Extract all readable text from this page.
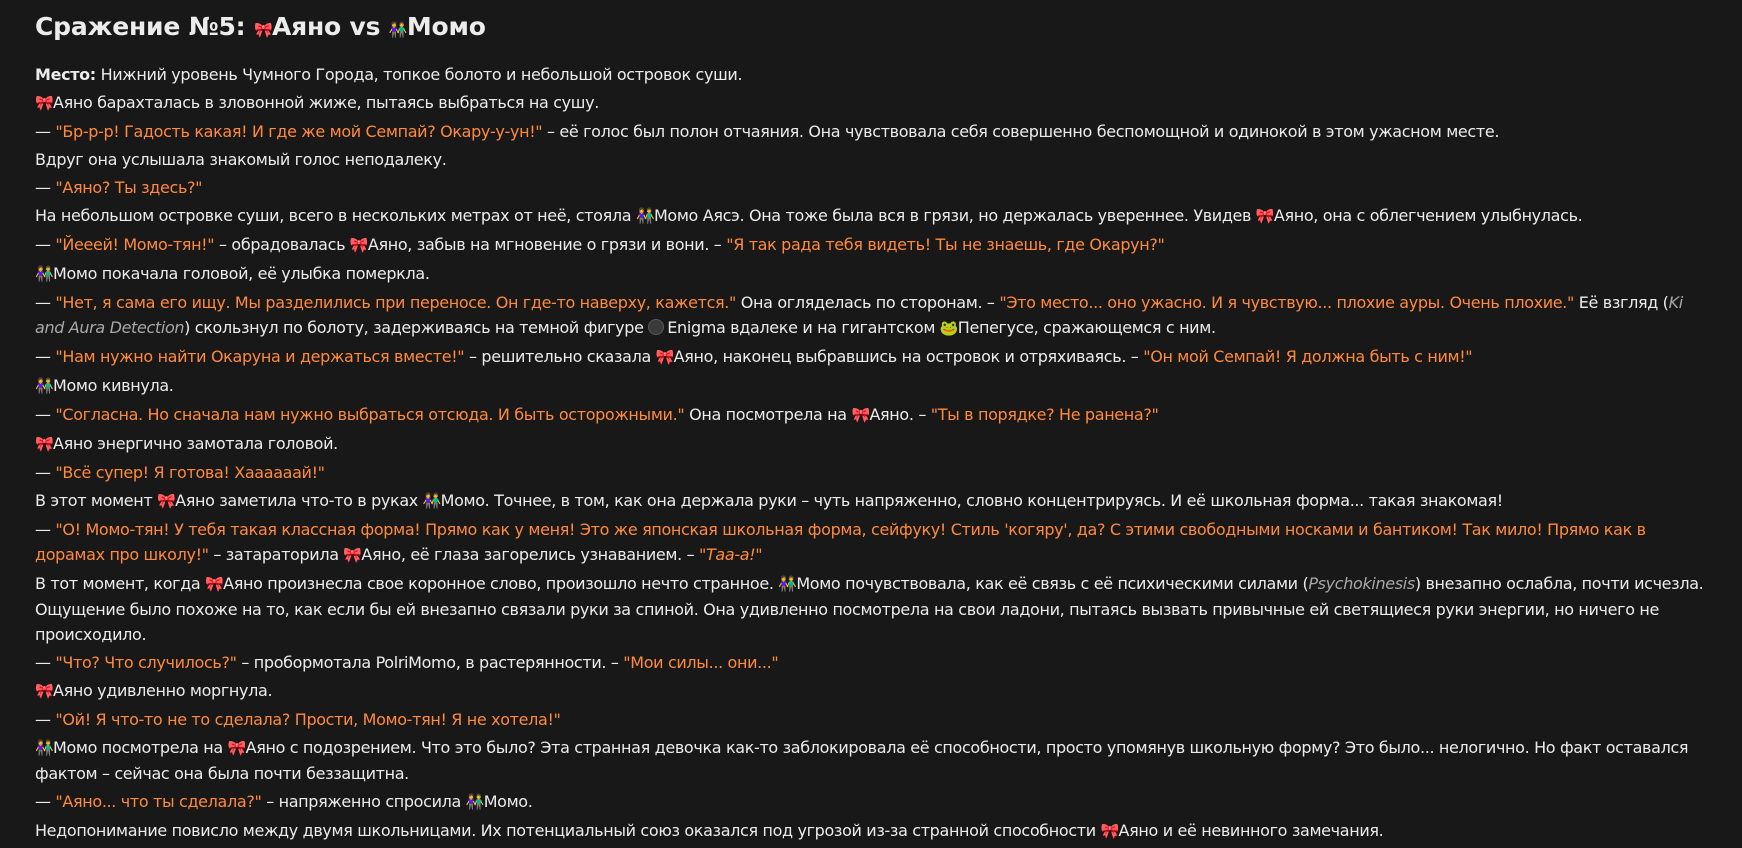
Сражение №5: 🎀Аяно vs 👫Момо

Место: Нижний уровень Чумного Города, топкое болото и небольшой островок суши.

🎀Аяно барахталась в зловонной жиже, пытаясь выбраться на сушу.

— "Бр-р-р! Гадость какая! И где же мой Семпай? Окару-у-ун!" – её голос был полон отчаяния. Она чувствовала себя совершенно беспомощной и одинокой в этом ужасном месте.

Вдруг она услышала знакомый голос неподалеку.

— "Аяно? Ты здесь?"

На небольшом островке суши, всего в нескольких метрах от неё, стояла 👫Момо Аясэ. Она тоже была вся в грязи, но держалась увереннее. Увидев 🎀Аяно, она с облегчением улыбнулась.

— "Йееей! Момо-тян!" – обрадовалась 🎀Аяно, забыв на мгновение о грязи и вони. – "Я так рада тебя видеть! Ты не знаешь, где Окарун?"

👫Момо покачала головой, её улыбка померкла.

— "Нет, я сама его ищу. Мы разделились при переносе. Он где-то наверху, кажется." Она огляделась по сторонам. – "Это место... оно ужасно. И я чувствую... плохие ауры. Очень плохие." Её взгляд (Ki and Aura Detection) скользнул по болоту, задерживаясь на темной фигуре Enigma вдалеке и на гигантском 🐸Пепегусе, сражающемся с ним.

— "Нам нужно найти Окаруна и держаться вместе!" – решительно сказала 🎀Аяно, наконец выбравшись на островок и отряхиваясь. – "Он мой Семпай! Я должна быть с ним!"

👫Момо кивнула.

— "Согласна. Но сначала нам нужно выбраться отсюда. И быть осторожными." Она посмотрела на 🎀Аяно. – "Ты в порядке? Не ранена?"

🎀Аяно энергично замотала головой.

— "Всё супер! Я готова! Хаааааай!"

В этот момент 🎀Аяно заметила что-то в руках 👫Момо. Точнее, в том, как она держала руки – чуть напряженно, словно концентрируясь. И её школьная форма... такая знакомая!

— "О! Момо-тян! У тебя такая классная форма! Прямо как у меня! Это же японская школьная форма, сейфуку! Стиль 'когяру', да? С этими свободными носками и бантиком! Так мило! Прямо как в дорамах про школу!" – затараторила 🎀Аяно, её глаза загорелись узнаванием. – "Таа-а!"

В тот момент, когда 🎀Аяно произнесла свое коронное слово, произошло нечто странное. 👫Момо почувствовала, как её связь с её психическими силами (Psychokinesis) внезапно ослабла, почти исчезла. Ощущение было похоже на то, как если бы ей внезапно связали руки за спиной. Она удивленно посмотрела на свои ладони, пытаясь вызвать привычные ей светящиеся руки энергии, но ничего не происходило.

— "Что? Что случилось?" – пробормотала PolriMomo, в растерянности. – "Мои силы... они..."

🎀Аяно удивленно моргнула.

— "Ой! Я что-то не то сделала? Прости, Момо-тян! Я не хотела!"

👫Момо посмотрела на 🎀Аяно с подозрением. Что это было? Эта странная девочка как-то заблокировала её способности, просто упомянув школьную форму? Это было... нелогично. Но факт оставался фактом – сейчас она была почти беззащитна.

— "Аяно... что ты сделала?" – напряженно спросила 👫Момо.

Недопонимание повисло между двумя школьницами. Их потенциальный союз оказался под угрозой из-за странной способности 🎀Аяно и её невинного замечания.
